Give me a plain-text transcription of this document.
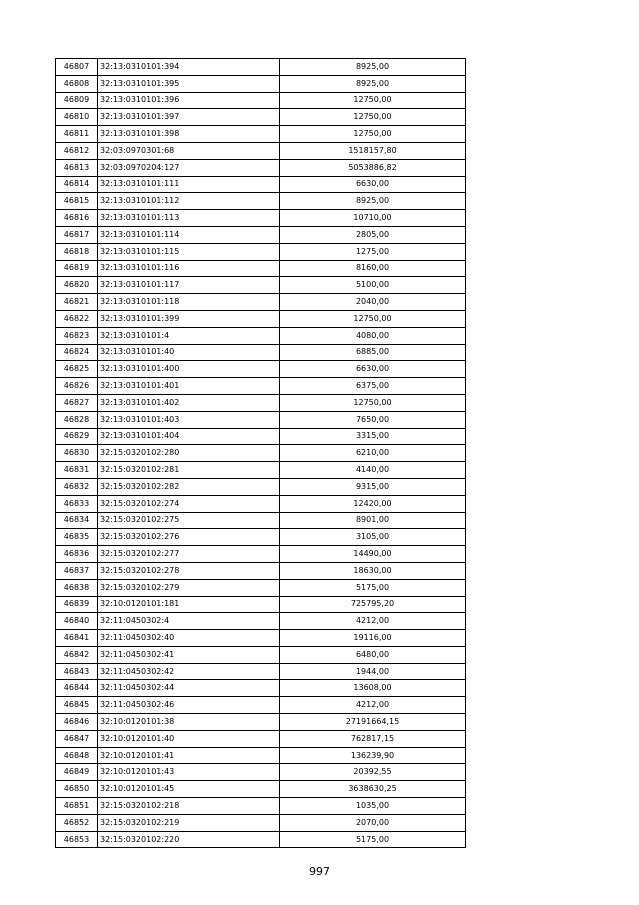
46807	32:13:0310101:394	8925,00
46808	32:13:0310101:395	8925,00
46809	32:13:0310101:396	12750,00
46810	32:13:0310101:397	12750,00
46811	32:13:0310101:398	12750,00
46812	32:03:0970301:68	1518157,80
46813	32:03:0970204:127	5053886,82
46814	32:13:0310101:111	6630,00
46815	32:13:0310101:112	8925,00
46816	32:13:0310101:113	10710,00
46817	32:13:0310101:114	2805,00
46818	32:13:0310101:115	1275,00
46819	32:13:0310101:116	8160,00
46820	32:13:0310101:117	5100,00
46821	32:13:0310101:118	2040,00
46822	32:13:0310101:399	12750,00
46823	32:13:0310101:4	4080,00
46824	32:13:0310101:40	6885,00
46825	32:13:0310101:400	6630,00
46826	32:13:0310101:401	6375,00
46827	32:13:0310101:402	12750,00
46828	32:13:0310101:403	7650,00
46829	32:13:0310101:404	3315,00
46830	32:15:0320102:280	6210,00
46831	32:15:0320102:281	4140,00
46832	32:15:0320102:282	9315,00
46833	32:15:0320102:274	12420,00
46834	32:15:0320102:275	8901,00
46835	32:15:0320102:276	3105,00
46836	32:15:0320102:277	14490,00
46837	32:15:0320102:278	18630,00
46838	32:15:0320102:279	5175,00
46839	32:10:0120101:181	725795,20
46840	32:11:0450302:4	4212,00
46841	32:11:0450302:40	19116,00
46842	32:11:0450302:41	6480,00
46843	32:11:0450302:42	1944,00
46844	32:11:0450302:44	13608,00
46845	32:11:0450302:46	4212,00
46846	32:10:0120101:38	27191664,15
46847	32:10:0120101:40	762817,15
46848	32:10:0120101:41	136239,90
46849	32:10:0120101:43	20392,55
46850	32:10:0120101:45	3638630,25
46851	32:15:0320102:218	1035,00
46852	32:15:0320102:219	2070,00
46853	32:15:0320102:220	5175,00
997
